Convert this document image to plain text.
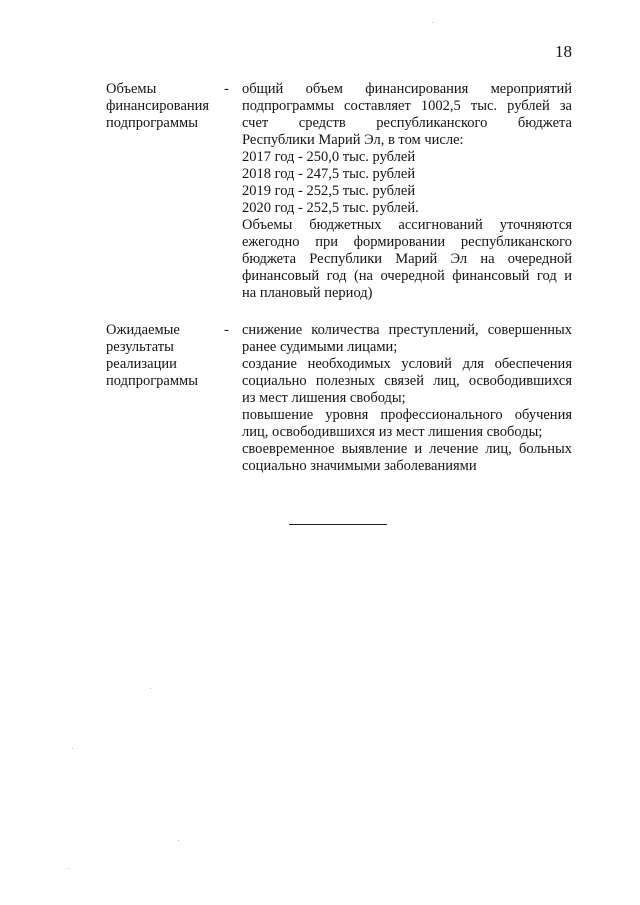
18
Объемы
финансирования
подпрограммы
- общий объем финансирования мероприятий
подпрограммы составляет 1002,5 тыс. рублей за
счет средств республиканского бюджета
Республики Марий Эл, в том числе:
2017 год - 250,0 тыс. рублей
2018 год - 247,5 тыс. рублей
2019 год - 252,5 тыс. рублей
2020 год - 252,5 тыс. рублей.
Объемы бюджетных ассигнований уточняются
ежегодно при формировании республиканского
бюджета Республики Марий Эл на очередной
финансовый год (на очередной финансовый год и
на плановый период)
Ожидаемые
результаты
реализации
подпрограммы
- снижение количества преступлений, совершенных
ранее судимыми лицами;
создание необходимых условий для обеспечения
социально полезных связей лиц, освободившихся
из мест лишения свободы;
повышение уровня профессионального обучения
лиц, освободившихся из мест лишения свободы;
своевременное выявление и лечение лиц, больных
социально значимыми заболеваниями
